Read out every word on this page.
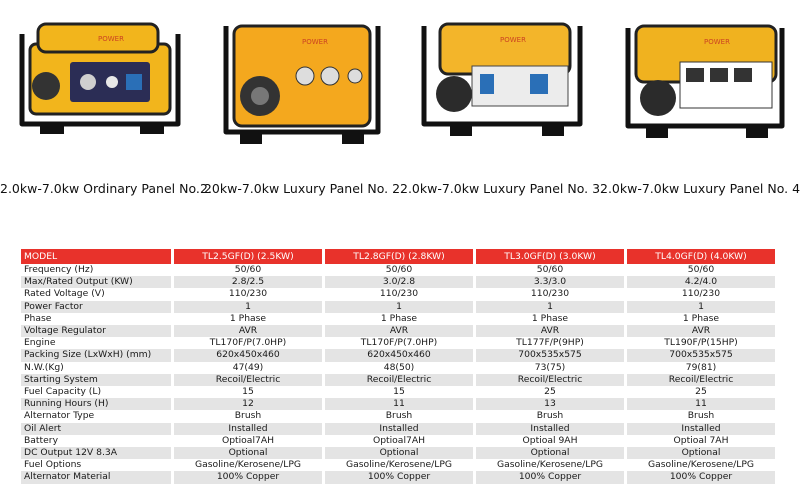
POWER
2.0kw-7.0kw Ordinary Panel No. 2
POWER
2.0kw-7.0kw Luxury Panel No. 2
POWER
2.0kw-7.0kw Luxury Panel No. 3
POWER
2.0kw-7.0kw Luxury Panel No. 4
MODEL	TL2.5GF(D) (2.5KW)	TL2.8GF(D) (2.8KW)	TL3.0GF(D) (3.0KW)	TL4.0GF(D) (4.0KW)
Frequency (Hz)	50/60	50/60	50/60	50/60
Max/Rated Output (KW)	2.8/2.5	3.0/2.8	3.3/3.0	4.2/4.0
Rated Voltage (V)	110/230	110/230	110/230	110/230
Power Factor	1	1	1	1
Phase	1 Phase	1 Phase	1 Phase	1 Phase
Voltage Regulator	AVR	AVR	AVR	AVR
Engine	TL170F/P(7.0HP)	TL170F/P(7.0HP)	TL177F/P(9HP)	TL190F/P(15HP)
Packing Size (LxWxH) (mm)	620x450x460	620x450x460	700x535x575	700x535x575
N.W.(Kg)	47(49)	48(50)	73(75)	79(81)
Starting System	Recoil/Electric	Recoil/Electric	Recoil/Electric	Recoil/Electric
Fuel Capacity (L)	15	15	25	25
Running Hours (H)	12	11	13	11
Alternator Type	Brush	Brush	Brush	Brush
Oil Alert	Installed	Installed	Installed	Installed
Battery	Optioal7AH	Optioal7AH	Optioal 9AH	Optioal 7AH
DC Output 12V 8.3A	Optional	Optional	Optional	Optional
Fuel Options	Gasoline/Kerosene/LPG	Gasoline/Kerosene/LPG	Gasoline/Kerosene/LPG	Gasoline/Kerosene/LPG
Alternator Material	100% Copper	100% Copper	100% Copper	100% Copper
